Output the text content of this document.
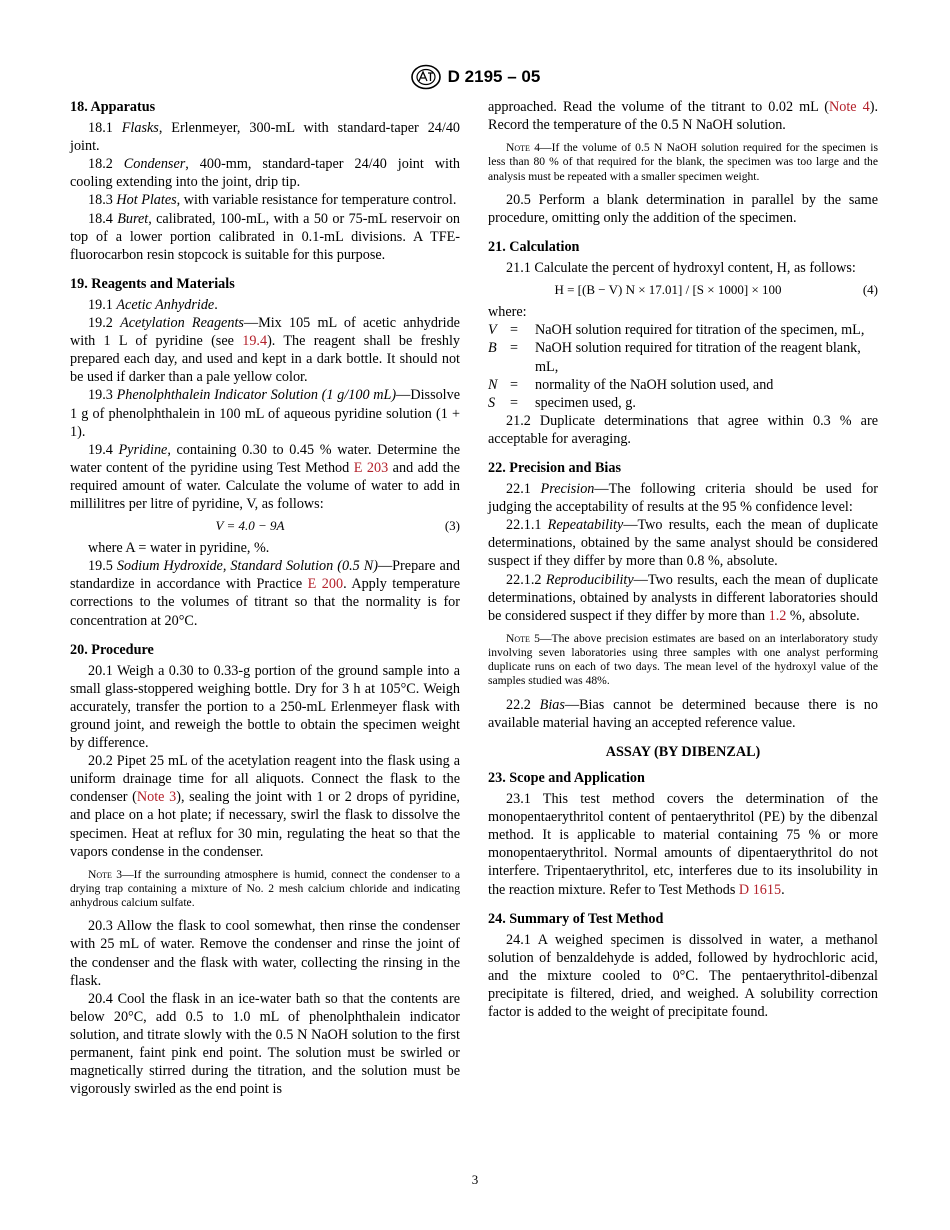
D 2195 – 05

18. Apparatus

18.1 Flasks, Erlenmeyer, 300-mL with standard-taper 24/40 joint.

18.2 Condenser, 400-mm, standard-taper 24/40 joint with cooling extending into the joint, drip tip.

18.3 Hot Plates, with variable resistance for temperature control.

18.4 Buret, calibrated, 100-mL, with a 50 or 75-mL reservoir on top of a lower portion calibrated in 0.1-mL divisions. A TFE-fluorocarbon resin stopcock is suitable for this purpose.

19. Reagents and Materials

19.1 Acetic Anhydride.

19.2 Acetylation Reagents—Mix 105 mL of acetic anhydride with 1 L of pyridine (see 19.4). The reagent shall be freshly prepared each day, and used and kept in a dark bottle. It should not be used if darker than a pale yellow color.

19.3 Phenolphthalein Indicator Solution (1 g/100 mL)—Dissolve 1 g of phenolphthalein in 100 mL of aqueous pyridine solution (1 + 1).

19.4 Pyridine, containing 0.30 to 0.45 % water. Determine the water content of the pyridine using Test Method E 203 and add the required amount of water. Calculate the volume of water to add in millilitres per litre of pyridine, V, as follows:

V = 4.0 − 9A	(3)

where A = water in pyridine, %.

19.5 Sodium Hydroxide, Standard Solution (0.5 N)—Prepare and standardize in accordance with Practice E 200. Apply temperature corrections to the volumes of titrant so that the normality is for concentration at 20°C.

20. Procedure

20.1 Weigh a 0.30 to 0.33-g portion of the ground sample into a small glass-stoppered weighing bottle. Dry for 3 h at 105°C. Weigh accurately, transfer the portion to a 250-mL Erlenmeyer flask with ground joint, and reweigh the bottle to obtain the specimen weight by difference.

20.2 Pipet 25 mL of the acetylation reagent into the flask using a uniform drainage time for all aliquots. Connect the flask to the condenser (Note 3), sealing the joint with 1 or 2 drops of pyridine, and place on a hot plate; if necessary, swirl the flask to dissolve the specimen. Heat at reflux for 30 min, regulating the heat so that the vapors condense in the condenser.

Note 3—If the surrounding atmosphere is humid, connect the condenser to a drying trap containing a mixture of No. 2 mesh calcium chloride and indicating anhydrous calcium sulfate.

20.3 Allow the flask to cool somewhat, then rinse the condenser with 25 mL of water. Remove the condenser and rinse the joint of the condenser and the flask with water, collecting the rinsing in the flask.

20.4 Cool the flask in an ice-water bath so that the contents are below 20°C, add 0.5 to 1.0 mL of phenolphthalein indicator solution, and titrate slowly with the 0.5 N NaOH solution to the first permanent, faint pink end point. The solution must be swirled or magnetically stirred during the titration, and the solution must be vigorously swirled as the end point is

approached. Read the volume of the titrant to 0.02 mL (Note 4). Record the temperature of the 0.5 N NaOH solution.

Note 4—If the volume of 0.5 N NaOH solution required for the specimen is less than 80 % of that required for the blank, the specimen was too large and the analysis must be repeated with a smaller specimen weight.

20.5 Perform a blank determination in parallel by the same procedure, omitting only the addition of the specimen.

21. Calculation

21.1 Calculate the percent of hydroxyl content, H, as follows:

H = [(B − V) N × 17.01] / [S × 1000] × 100	(4)

where:

V =	NaOH solution required for titration of the specimen, mL,
B =	NaOH solution required for titration of the reagent blank, mL,
N =	normality of the NaOH solution used, and
S	=	specimen used, g.

21.2 Duplicate determinations that agree within 0.3 % are acceptable for averaging.

22. Precision and Bias

22.1 Precision—The following criteria should be used for judging the acceptability of results at the 95 % confidence level:

22.1.1 Repeatability—Two results, each the mean of duplicate determinations, obtained by the same analyst should be considered suspect if they differ by more than 0.8 %, absolute.

22.1.2 Reproducibility—Two results, each the mean of duplicate determinations, obtained by analysts in different laboratories should be considered suspect if they differ by more than 1.2 %, absolute.

Note 5—The above precision estimates are based on an interlaboratory study involving seven laboratories using three samples with one analyst performing duplicate runs on each of two days. The mean level of the hydroxyl value of the samples studied was 48%.

22.2 Bias—Bias cannot be determined because there is no available material having an accepted reference value.

ASSAY (BY DIBENZAL)

23. Scope and Application

23.1 This test method covers the determination of the monopentaerythritol content of pentaerythritol (PE) by the dibenzal method. It is applicable to material containing 75 % or more monopentaerythritol. Normal amounts of dipentaerythritol do not interfere. Tripentaerythritol, etc, interferes due to its insolubility in the reaction mixture. Refer to Test Methods D 1615.

24. Summary of Test Method

24.1 A weighed specimen is dissolved in water, a methanol solution of benzaldehyde is added, followed by hydrochloric acid, and the mixture cooled to 0°C. The pentaerythritol-dibenzal precipitate is filtered, dried, and weighed. A solubility correction factor is added to the weight of precipitate found.

3
